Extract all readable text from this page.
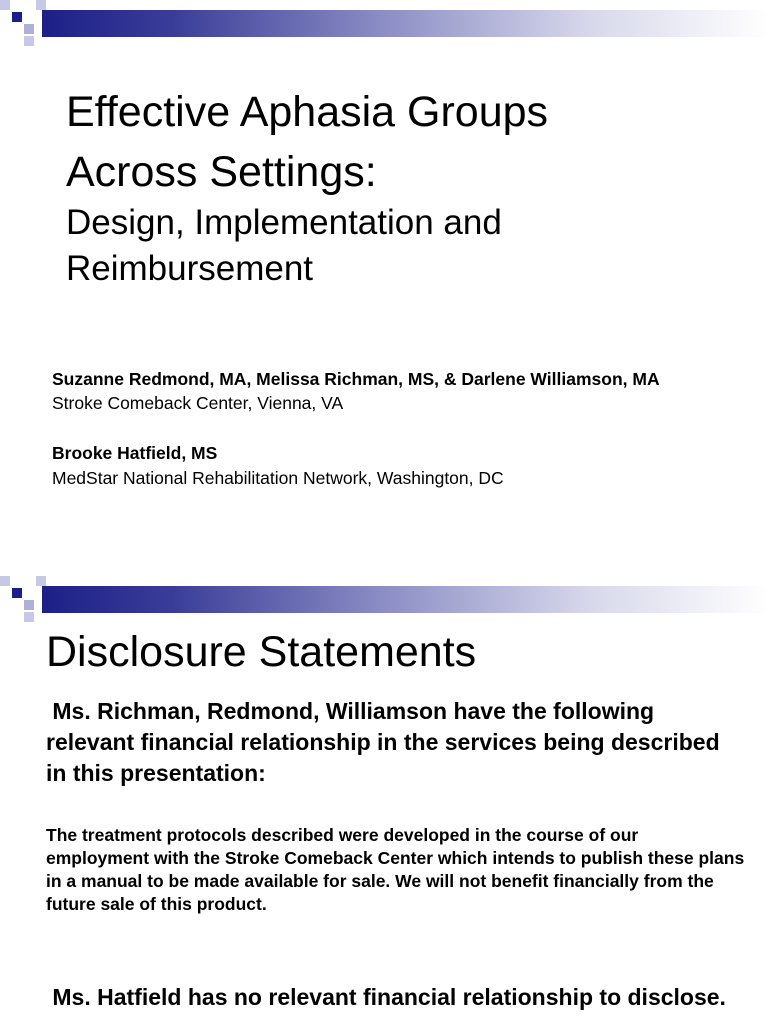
Effective Aphasia Groups
Across Settings:
Design, Implementation and
Reimbursement

Suzanne Redmond, MA, Melissa Richman, MS, & Darlene Williamson, MA

Stroke Comeback Center, Vienna, VA

Brooke Hatfield, MS

MedStar National Rehabilitation Network, Washington, DC

Disclosure Statements

Ms. Richman, Redmond, Williamson have the following relevant financial relationship in the services being described in this presentation:

The treatment protocols described were developed in the course of our employment with the Stroke Comeback Center which intends to publish these plans in a manual to be made available for sale. We will not benefit financially from the future sale of this product.

Ms. Hatfield has no relevant financial relationship to disclose.
